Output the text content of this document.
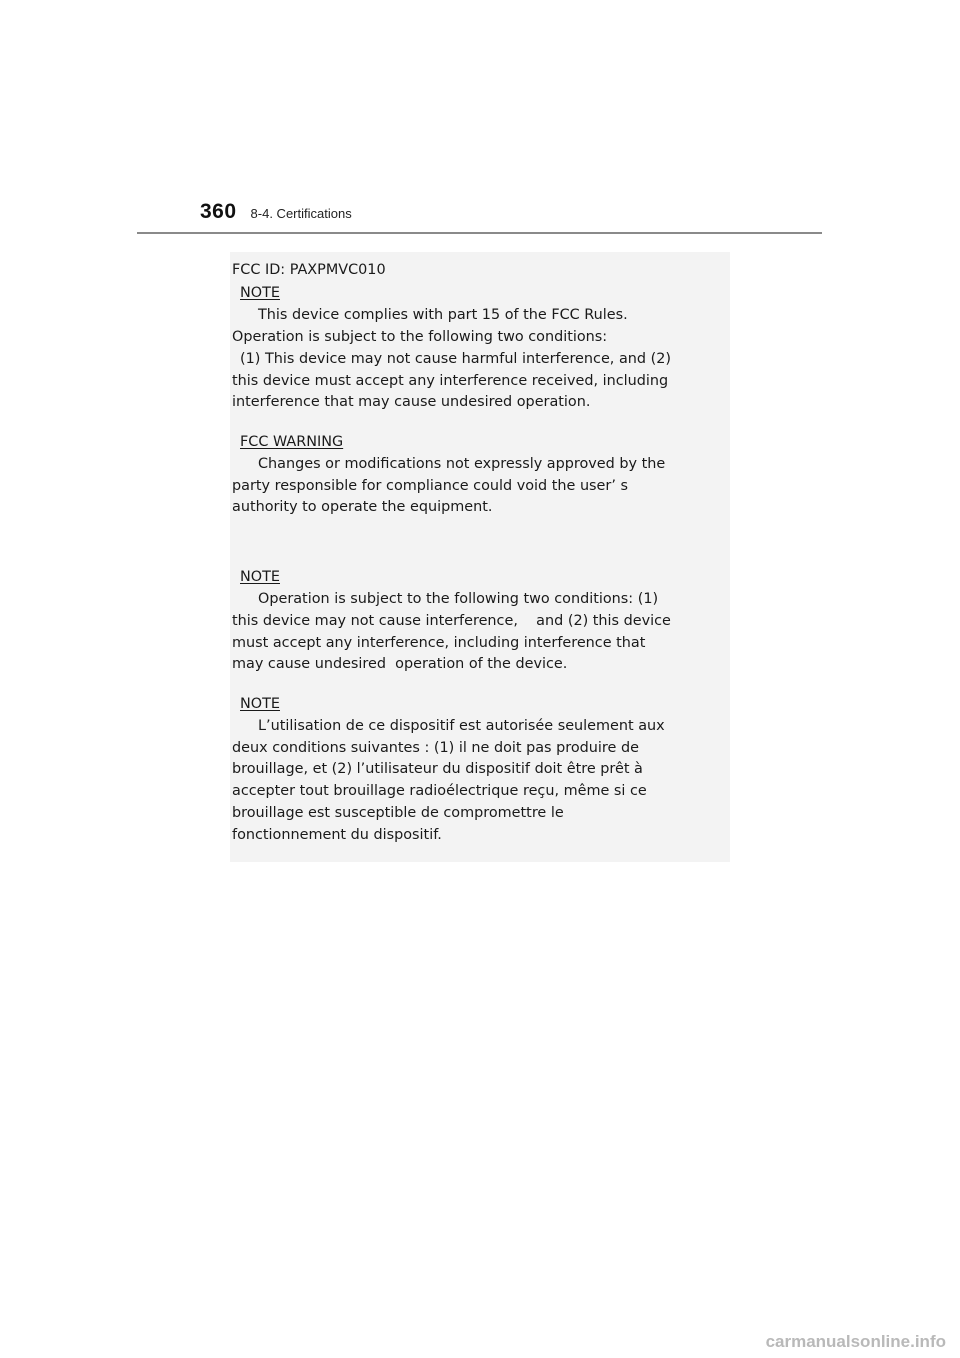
360 8-4. Certifications
FCC ID: PAXPMVC010
NOTE
This device complies with part 15 of the FCC Rules.
Operation is subject to the following two conditions:
(1) This device may not cause harmful interference, and (2)
this device must accept any interference received, including
interference that may cause undesired operation.
FCC WARNING
Changes or modifications not expressly approved by the
party responsible for compliance could void the user’ s
authority to operate the equipment.
NOTE
Operation is subject to the following two conditions: (1)
this device may not cause interference,    and (2) this device
must accept any interference, including interference that
may cause undesired  operation of the device.
NOTE
L’utilisation de ce dispositif est autorisée seulement aux
deux conditions suivantes : (1) il ne doit pas produire de
brouillage, et (2) l’utilisateur du dispositif doit être prêt à
accepter tout brouillage radioélectrique reçu, même si ce
brouillage est susceptible de compromettre le
fonctionnement du dispositif.
carmanualsonline.info
